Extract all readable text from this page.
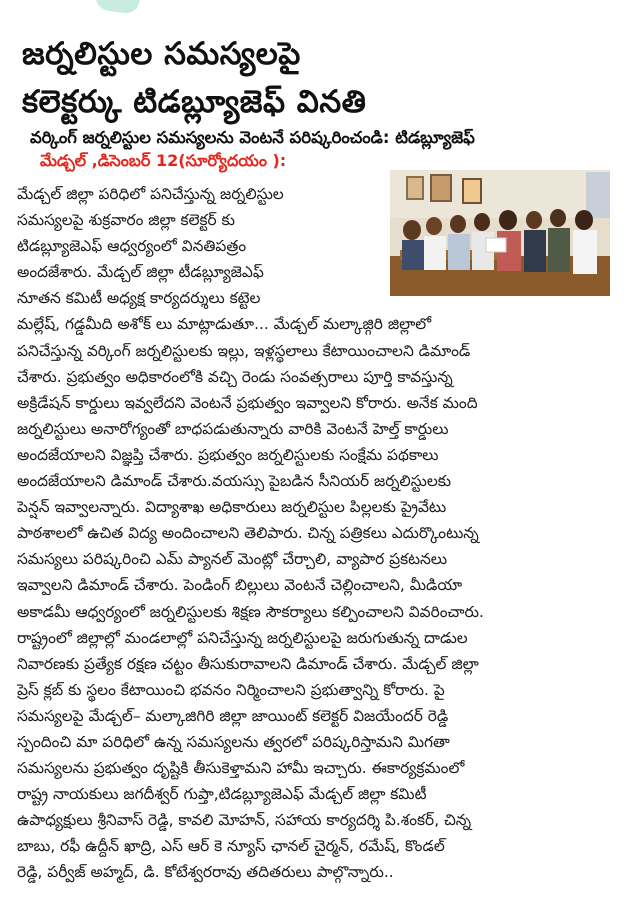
జర్నలిస్టుల సమస్యలపై
కలెక్టర్కు టిడబ్ల్యూజెఫ్ వినతి

వర్కింగ్ జర్నలిస్టుల సమస్యలను వెంటనే పరిష్కరించండి: టిడబ్ల్యూజెఫ్

మేడ్చల్ ,డిసెంబర్ 12(సూర్యోదయం ):

మేడ్చల్ జిల్లా పరిధిలో పనిచేస్తున్న జర్నలిస్టుల
సమస్యలపై శుక్రవారం జిల్లా కలెక్టర్ కు
టిడబ్ల్యూజెఎఫ్ ఆధ్వర్యంలో వినతిపత్రం
అందజేశారు. మేడ్చల్ జిల్లా టీడబ్ల్యూజెఎఫ్
నూతన కమిటీ అధ్యక్ష కార్యదర్శులు కట్టెల
మల్లేష్, గడ్డమీది అశోక్ లు మాట్లాడుతూ... మేడ్చల్ మల్కాజ్గిరి జిల్లాలో
పనిచేస్తున్న వర్కింగ్ జర్నలిస్టులకు ఇల్లు, ఇళ్లస్థలాలు కేటాయించాలని డిమాండ్
చేశారు. ప్రభుత్వం అధికారంలోకి వచ్చి రెండు సంవత్సరాలు పూర్తి కావస్తున్న
అక్రిడేషన్ కార్డులు ఇవ్వలేదని వెంటనే ప్రభుత్వం ఇవ్వాలని కోరారు. అనేక మంది
జర్నలిస్టులు అనారోగ్యంతో బాధపడుతున్నారు వారికి వెంటనే హెల్త్ కార్డులు
అందజేయాలని విజ్ఞప్తి చేశారు. ప్రభుత్వం జర్నలిస్టులకు సంక్షేమ పథకాలు
అందజేయాలని డిమాండ్ చేశారు.వయస్సు పైబడిన సీనియర్ జర్నలిస్టులకు
పెన్షన్ ఇవ్వాలన్నారు. విద్యాశాఖ అధికారులు జర్నలిస్టుల పిల్లలకు ప్రైవేటు
పాఠశాలలో ఉచిత విద్య అందించాలని తెలిపారు. చిన్న పత్రికలు ఎదుర్కొంటున్న
సమస్యలు పరిష్కరించి ఎమ్ ప్యానల్ మెంట్లో చేర్చాలి, వ్యాపార ప్రకటనలు
ఇవ్వాలని డిమాండ్ చేశారు. పెండింగ్ బిల్లులు వెంటనే చెల్లించాలని, మీడియా
అకాడమీ ఆధ్వర్యంలో జర్నలిస్టులకు శిక్షణ సౌకర్యాలు కల్పించాలని వివరించారు.
రాష్ట్రంలో జిల్లాల్లో మండలాల్లో పనిచేస్తున్న జర్నలిస్టులపై జరుగుతున్న దాడుల
నివారణకు ప్రత్యేక రక్షణ చట్టం తీసుకురావాలని డిమాండ్ చేశారు. మేడ్చల్ జిల్లా
ప్రెస్ క్లబ్ కు స్థలం కేటాయించి భవనం నిర్మించాలని ప్రభుత్వాన్ని కోరారు. పై
సమస్యలపై మేడ్చల్– మల్కాజిగిరి జిల్లా జాయింట్ కలెక్టర్ విజయేందర్ రెడ్డి
స్పందించి మా పరిధిలో ఉన్న సమస్యలను త్వరలో పరిష్కరిస్తామని మిగతా
సమస్యలను ప్రభుత్వం దృష్టికి తీసుకెళ్తామని హామీ ఇచ్చారు. ఈకార్యక్రమంలో
రాష్ట్ర నాయకులు జగదీశ్వర్ గుప్తా,టిడబ్ల్యూజెఎఫ్ మేడ్చల్ జిల్లా కమిటీ
ఉపాధ్యక్షులు శ్రీనివాస్ రెడ్డి, కావలి మోహన్, సహాయ కార్యదర్శి పి.శంకర్, చిన్న
బాబు, రఫీ ఉద్దీన్ ఖాద్రి, ఎస్ ఆర్ కె న్యూస్ ఛానల్ చైర్మన్, రమేష్, కొండల్
రెడ్డి, పర్వీజ్ అహ్మద్, డి. కోటేశ్వరరావు తదితరులు పాల్గొన్నారు..
